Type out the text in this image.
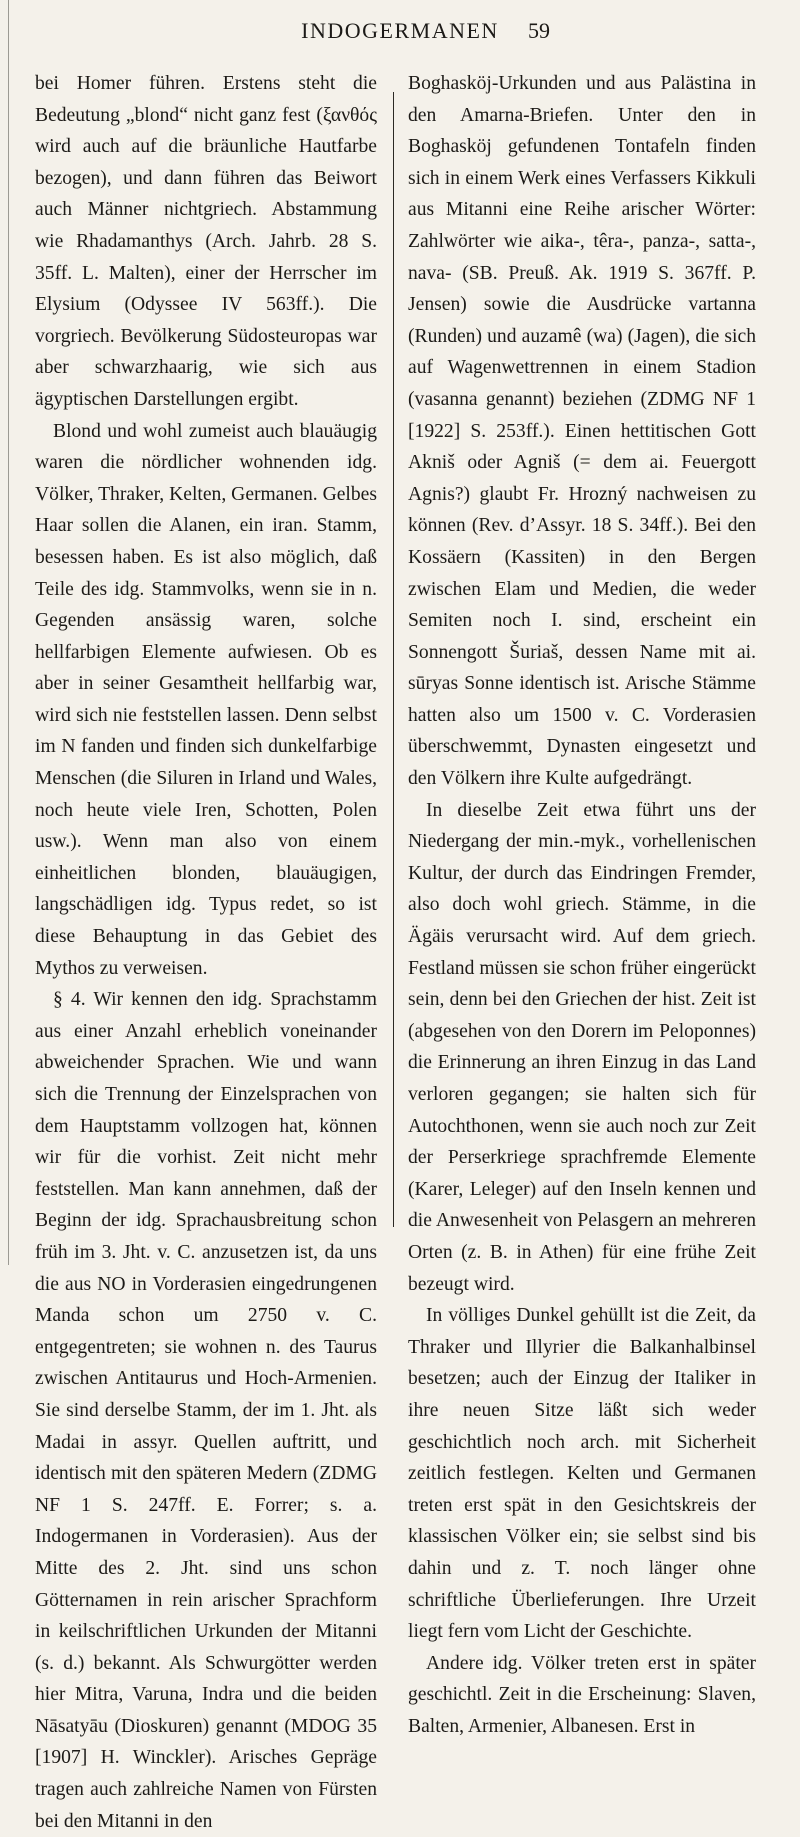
INDOGERMANEN	59

bei Homer führen. Erstens steht die Bedeutung „blond“ nicht ganz fest (ξανθός wird auch auf die bräunliche Hautfarbe bezogen), und dann führen das Beiwort auch Männer nichtgriech. Abstammung wie Rhadamanthys (Arch. Jahrb. 28 S. 35ff. L. Malten), einer der Herrscher im Elysium (Odyssee IV 563ff.). Die vorgriech. Bevölkerung Südosteuropas war aber schwarzhaarig, wie sich aus ägyptischen Darstellungen ergibt.

Blond und wohl zumeist auch blauäugig waren die nördlicher wohnenden idg. Völker, Thraker, Kelten, Germanen. Gelbes Haar sollen die Alanen, ein iran. Stamm, besessen haben. Es ist also möglich, daß Teile des idg. Stammvolks, wenn sie in n. Gegenden ansässig waren, solche hellfarbigen Elemente aufwiesen. Ob es aber in seiner Gesamtheit hellfarbig war, wird sich nie feststellen lassen. Denn selbst im N fanden und finden sich dunkelfarbige Menschen (die Siluren in Irland und Wales, noch heute viele Iren, Schotten, Polen usw.). Wenn man also von einem einheitlichen blonden, blauäugigen, langschädligen idg. Typus redet, so ist diese Behauptung in das Gebiet des Mythos zu verweisen.

§ 4. Wir kennen den idg. Sprachstamm aus einer Anzahl erheblich voneinander abweichender Sprachen. Wie und wann sich die Trennung der Einzelsprachen von dem Hauptstamm vollzogen hat, können wir für die vorhist. Zeit nicht mehr feststellen. Man kann annehmen, daß der Beginn der idg. Sprachausbreitung schon früh im 3. Jht. v. C. anzusetzen ist, da uns die aus NO in Vorderasien eingedrungenen Manda schon um 2750 v. C. entgegentreten; sie wohnen n. des Taurus zwischen Antitaurus und Hoch-Armenien. Sie sind derselbe Stamm, der im 1. Jht. als Madai in assyr. Quellen auftritt, und identisch mit den späteren Medern (ZDMG NF 1 S. 247ff. E. Forrer; s. a. Indogermanen in Vorderasien). Aus der Mitte des 2. Jht. sind uns schon Götternamen in rein arischer Sprachform in keilschriftlichen Urkunden der Mitanni (s. d.) bekannt. Als Schwurgötter werden hier Mitra, Varuna, Indra und die beiden Nāsatyāu (Dioskuren) genannt (MDOG 35 [1907] H. Winckler). Arisches Gepräge tragen auch zahlreiche Namen von Fürsten bei den Mitanni in den

Boghasköj-Urkunden und aus Palästina in den Amarna-Briefen. Unter den in Boghasköj gefundenen Tontafeln finden sich in einem Werk eines Verfassers Kikkuli aus Mitanni eine Reihe arischer Wörter: Zahlwörter wie aika-, têra-, panza-, satta-, nava- (SB. Preuß. Ak. 1919 S. 367ff. P. Jensen) sowie die Ausdrücke vartanna (Runden) und auzamê (wa) (Jagen), die sich auf Wagenwettrennen in einem Stadion (vasanna genannt) beziehen (ZDMG NF 1 [1922] S. 253ff.). Einen hettitischen Gott Akniš oder Agniš (= dem ai. Feuergott Agnis?) glaubt Fr. Hrozný nachweisen zu können (Rev. d’Assyr. 18 S. 34ff.). Bei den Kossäern (Kassiten) in den Bergen zwischen Elam und Medien, die weder Semiten noch I. sind, erscheint ein Sonnengott Šuriaš, dessen Name mit ai. sūryas Sonne identisch ist. Arische Stämme hatten also um 1500 v. C. Vorderasien überschwemmt, Dynasten eingesetzt und den Völkern ihre Kulte aufgedrängt.

In dieselbe Zeit etwa führt uns der Niedergang der min.-myk., vorhellenischen Kultur, der durch das Eindringen Fremder, also doch wohl griech. Stämme, in die Ägäis verursacht wird. Auf dem griech. Festland müssen sie schon früher eingerückt sein, denn bei den Griechen der hist. Zeit ist (abgesehen von den Dorern im Peloponnes) die Erinnerung an ihren Einzug in das Land verloren gegangen; sie halten sich für Autochthonen, wenn sie auch noch zur Zeit der Perserkriege sprachfremde Elemente (Karer, Leleger) auf den Inseln kennen und die Anwesenheit von Pelasgern an mehreren Orten (z. B. in Athen) für eine frühe Zeit bezeugt wird.

In völliges Dunkel gehüllt ist die Zeit, da Thraker und Illyrier die Balkanhalbinsel besetzen; auch der Einzug der Italiker in ihre neuen Sitze läßt sich weder geschichtlich noch arch. mit Sicherheit zeitlich festlegen. Kelten und Germanen treten erst spät in den Gesichtskreis der klassischen Völker ein; sie selbst sind bis dahin und z. T. noch länger ohne schriftliche Überlieferungen. Ihre Urzeit liegt fern vom Licht der Geschichte.

Andere idg. Völker treten erst in später geschichtl. Zeit in die Erscheinung: Slaven, Balten, Armenier, Albanesen. Erst in
